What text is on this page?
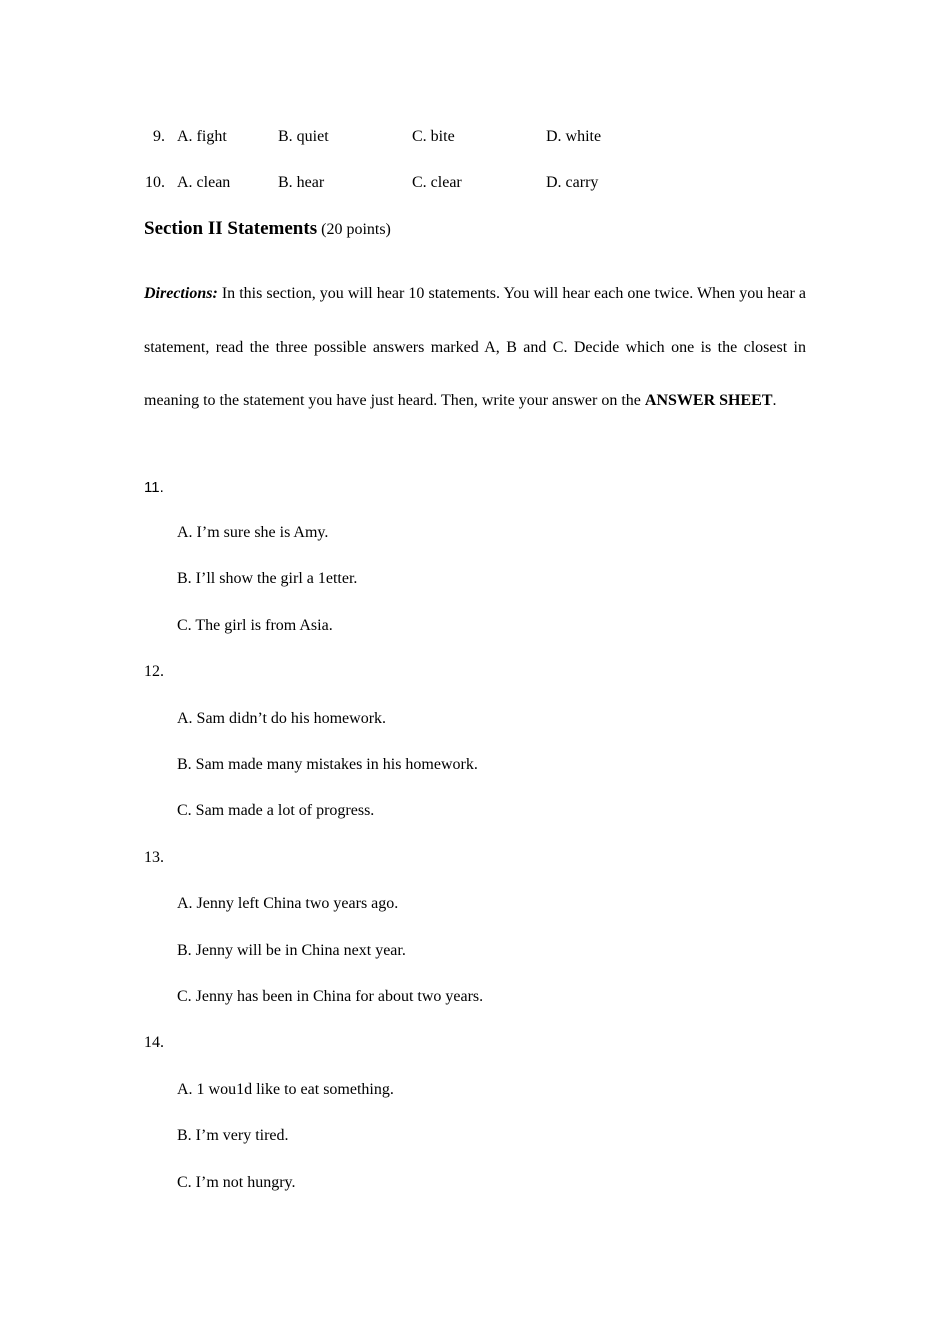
9. A. fight	B. quiet	C. bite	D. white
10. A. clean	B. hear	C. clear	D. carry
Section II Statements (20 points)
Directions: In this section, you will hear 10 statements. You will hear each one twice. When you hear a statement, read the three possible answers marked A, B and C. Decide which one is the closest in meaning to the statement you have just heard. Then, write your answer on the ANSWER SHEET.
11.
A. I’m sure she is Amy.
B. I’ll show the girl a 1etter.
C. The girl is from Asia.
12.
A. Sam didn’t do his homework.
B. Sam made many mistakes in his homework.
C. Sam made a lot of progress.
13.
A. Jenny left China two years ago.
B. Jenny will be in China next year.
C. Jenny has been in China for about two years.
14.
A. 1 wou1d like to eat something.
B. I’m very tired.
C. I’m not hungry.
